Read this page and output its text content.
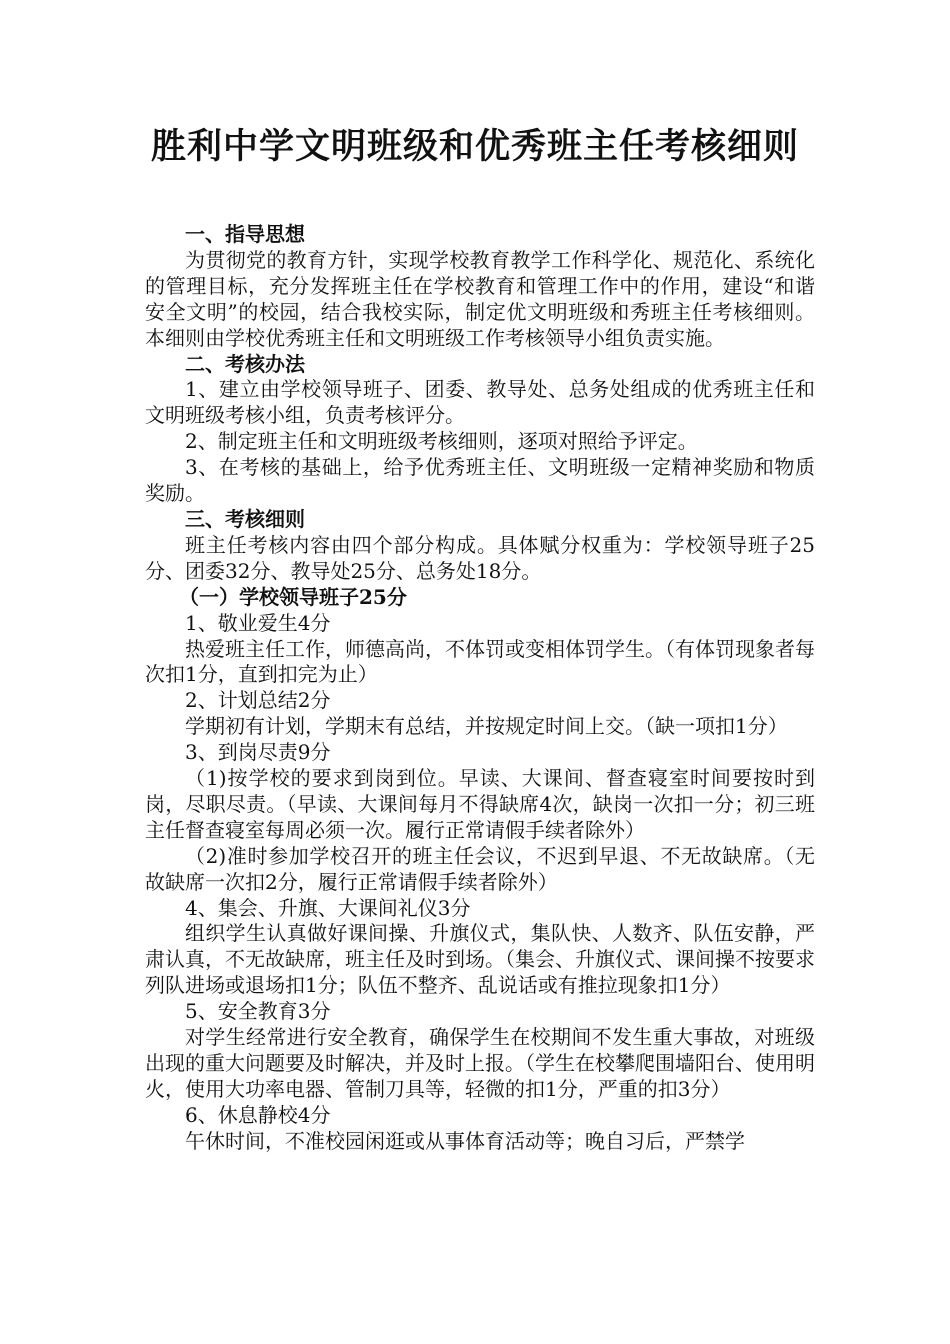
胜利中学文明班级和优秀班主任考核细则

一、指导思想

为贯彻党的教育方针，实现学校教育教学工作科学化、规范化、系统化的管理目标，充分发挥班主任在学校教育和管理工作中的作用，建设“和谐安全文明”的校园，结合我校实际，制定优文明班级和秀班主任考核细则。本细则由学校优秀班主任和文明班级工作考核领导小组负责实施。

二、考核办法

1、建立由学校领导班子、团委、教导处、总务处组成的优秀班主任和文明班级考核小组，负责考核评分。

2、制定班主任和文明班级考核细则，逐项对照给予评定。

3、在考核的基础上，给予优秀班主任、文明班级一定精神奖励和物质奖励。

三、考核细则

班主任考核内容由四个部分构成。具体赋分权重为：学校领导班子25分、团委32分、教导处25分、总务处18分。

（一）学校领导班子25分

1、敬业爱生4分

热爱班主任工作，师德高尚，不体罚或变相体罚学生。（有体罚现象者每次扣1分，直到扣完为止）

2、计划总结2分

学期初有计划，学期末有总结，并按规定时间上交。（缺一项扣1分）

3、到岗尽责9分

（1)按学校的要求到岗到位。早读、大课间、督查寝室时间要按时到岗，尽职尽责。（早读、大课间每月不得缺席4次，缺岗一次扣一分；初三班主任督查寝室每周必须一次。履行正常请假手续者除外）

（2)准时参加学校召开的班主任会议，不迟到早退、不无故缺席。（无故缺席一次扣2分，履行正常请假手续者除外）

4、集会、升旗、大课间礼仪3分

组织学生认真做好课间操、升旗仪式，集队快、人数齐、队伍安静，严肃认真，不无故缺席，班主任及时到场。（集会、升旗仪式、课间操不按要求列队进场或退场扣1分；队伍不整齐、乱说话或有推拉现象扣1分）

5、安全教育3分

对学生经常进行安全教育，确保学生在校期间不发生重大事故，对班级出现的重大问题要及时解决，并及时上报。（学生在校攀爬围墙阳台、使用明火，使用大功率电器、管制刀具等，轻微的扣1分，严重的扣3分）

6、休息静校4分

午休时间，不准校园闲逛或从事体育活动等；晚自习后，严禁学
